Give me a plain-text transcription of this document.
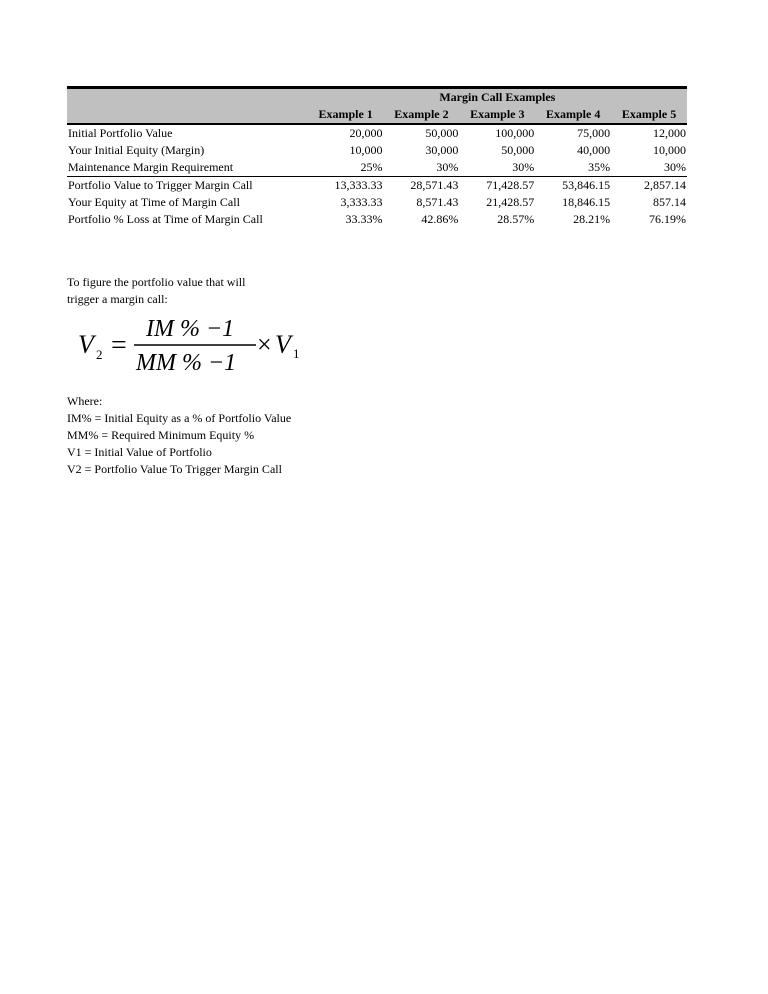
	Margin Call Examples				
	Example 1	Example 2	Example 3	Example 4	Example 5
Initial Portfolio Value	20,000	50,000	100,000	75,000	12,000
Your Initial Equity (Margin)	10,000	30,000	50,000	40,000	10,000
Maintenance Margin Requirement	25%	30%	30%	35%	30%
Portfolio Value to Trigger Margin Call	13,333.33	28,571.43	71,428.57	53,846.15	2,857.14
Your Equity at Time of Margin Call	3,333.33	8,571.43	21,428.57	18,846.15	857.14
Portfolio % Loss at Time of Margin Call	33.33%	42.86%	28.57%	28.21%	76.19%
To figure the portfolio value that will
trigger a margin call:
V 2 =
IM % −1
MM % −1
× V 1
Where:
IM% = Initial Equity as a % of Portfolio Value
MM% = Required Minimum Equity %
V1 = Initial Value of Portfolio
V2 = Portfolio Value To Trigger Margin Call
